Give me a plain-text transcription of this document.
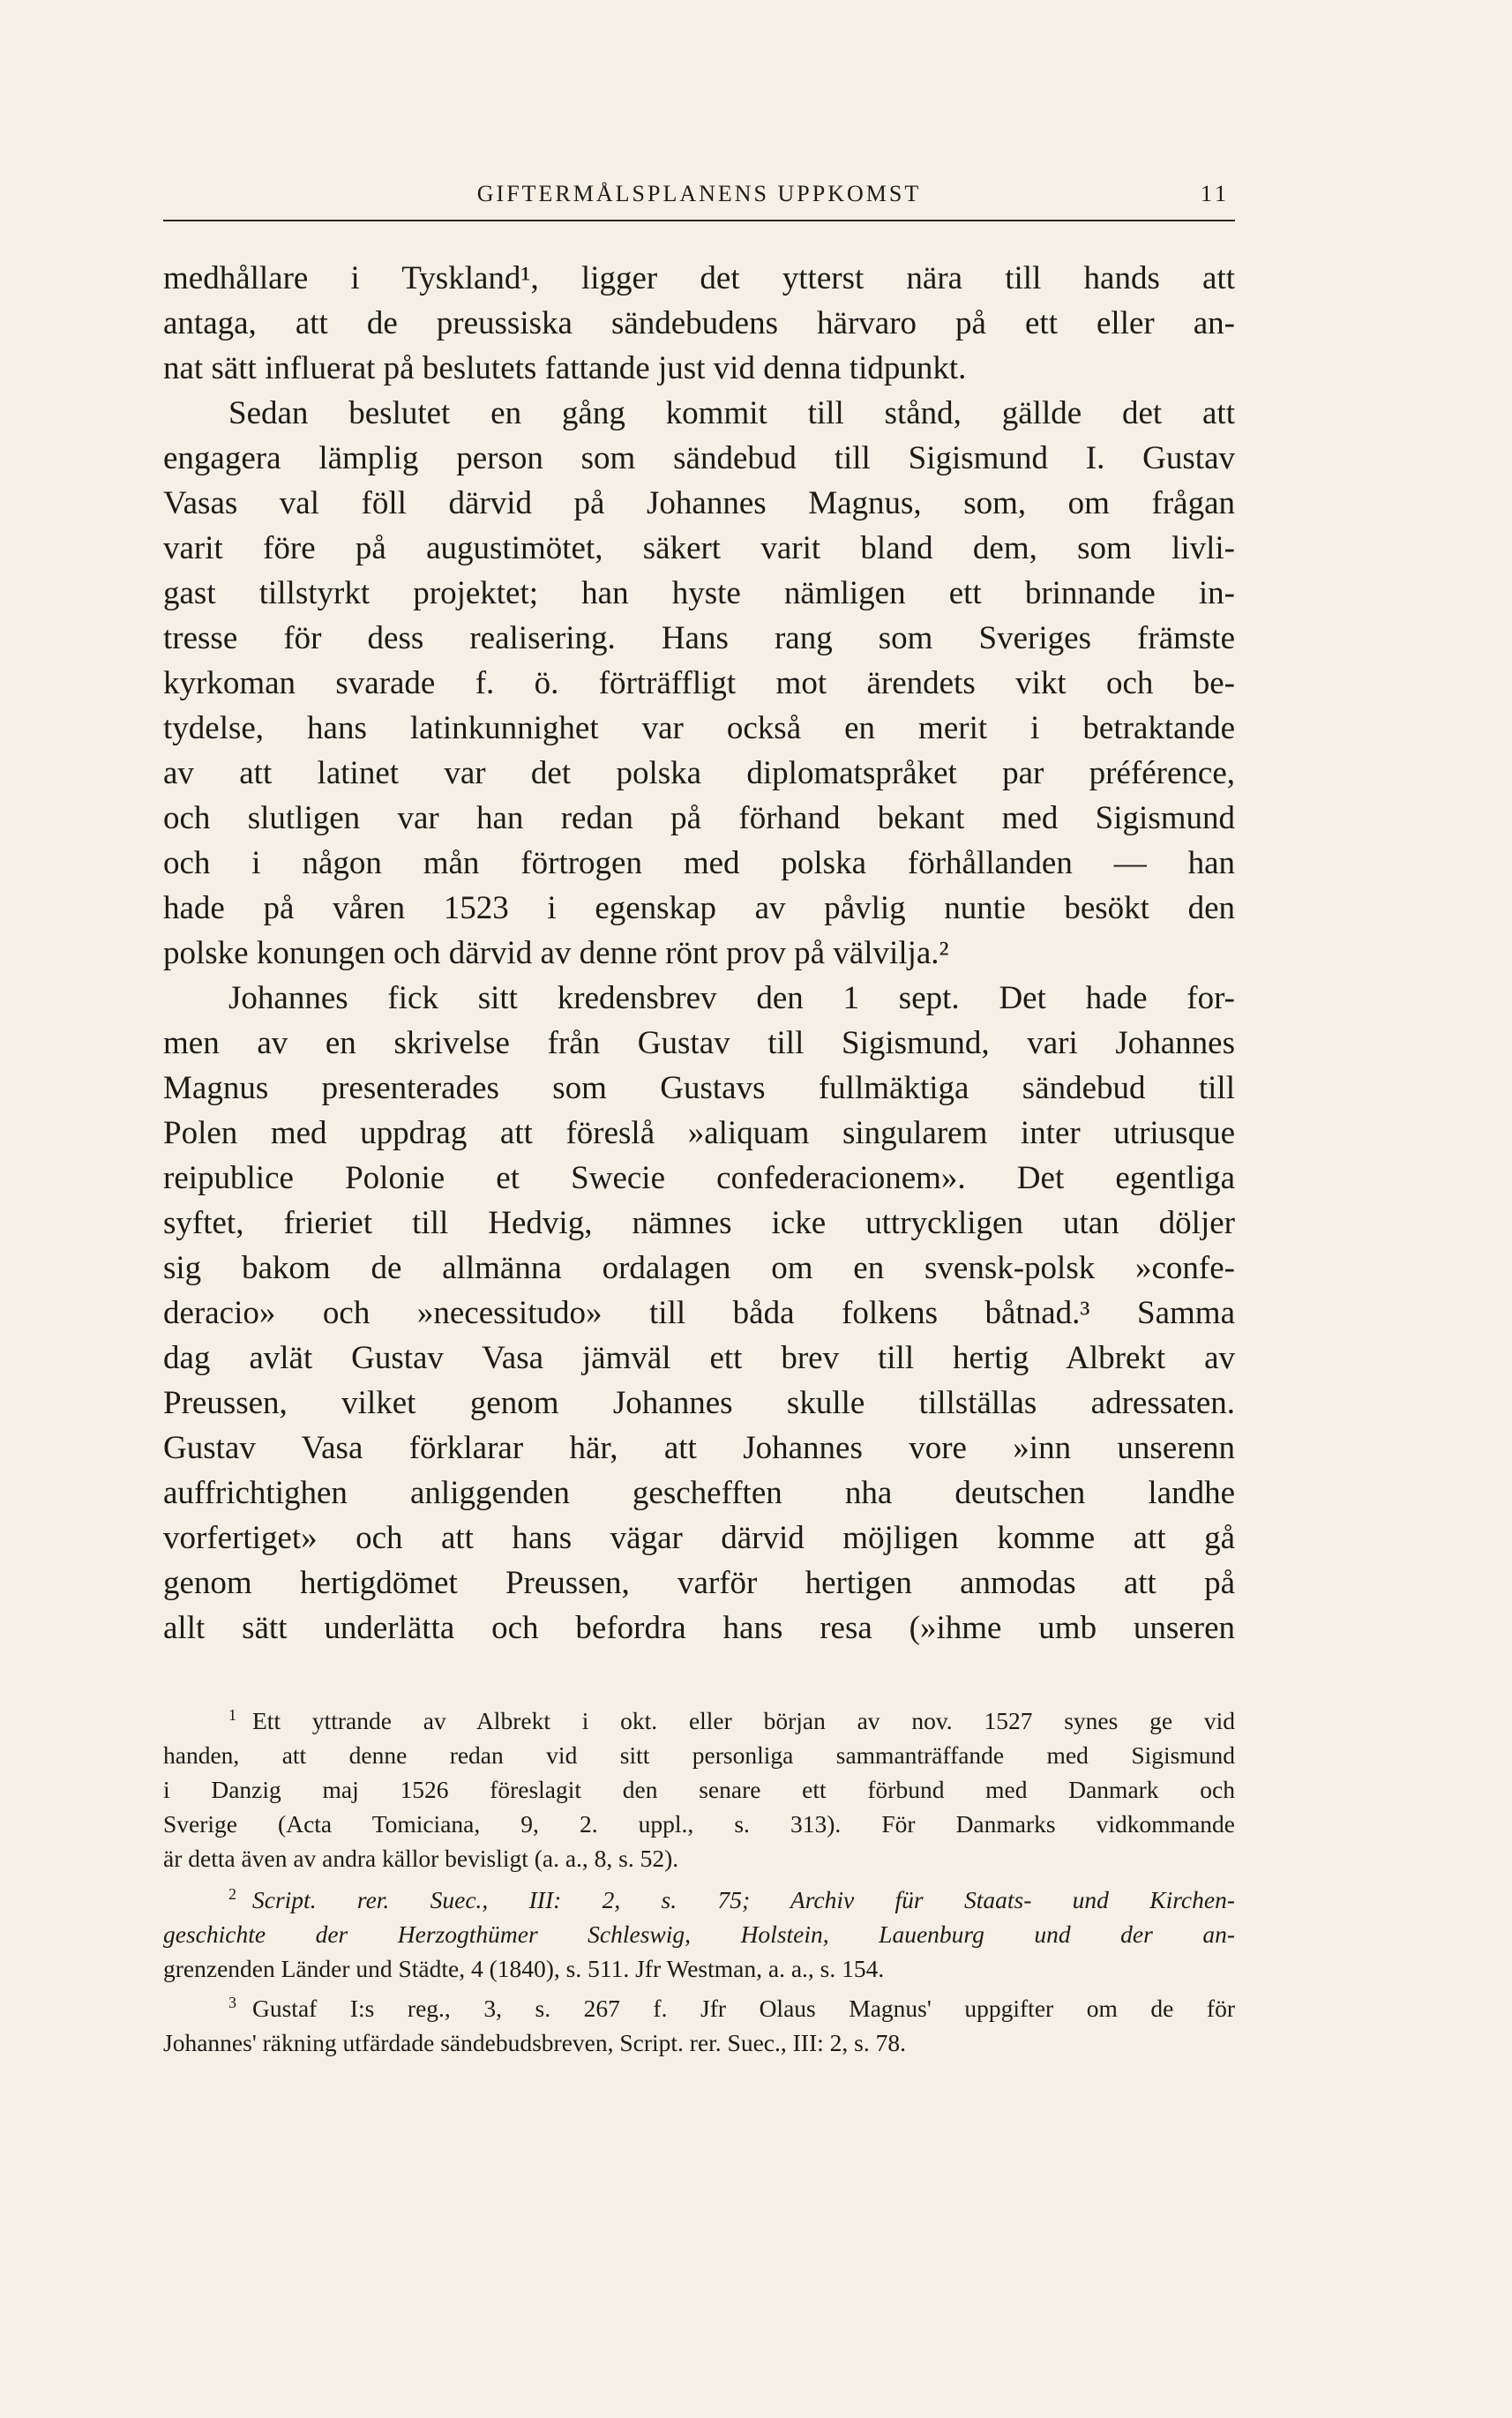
GIFTERMÅLSPLANENS UPPKOMST	11
medhållare i Tyskland¹, ligger det ytterst nära till hands att
antaga, att de preussiska sändebudens härvaro på ett eller an-
nat sätt influerat på beslutets fattande just vid denna tidpunkt.
Sedan beslutet en gång kommit till stånd, gällde det att
engagera lämplig person som sändebud till Sigismund I. Gustav
Vasas val föll därvid på Johannes Magnus, som, om frågan
varit före på augustimötet, säkert varit bland dem, som livli-
gast tillstyrkt projektet; han hyste nämligen ett brinnande in-
tresse för dess realisering. Hans rang som Sveriges främste
kyrkoman svarade f. ö. förträffligt mot ärendets vikt och be-
tydelse, hans latinkunnighet var också en merit i betraktande
av att latinet var det polska diplomatspråket par préférence,
och slutligen var han redan på förhand bekant med Sigismund
och i någon mån förtrogen med polska förhållanden — han
hade på våren 1523 i egenskap av påvlig nuntie besökt den
polske konungen och därvid av denne rönt prov på välvilja.²
Johannes fick sitt kredensbrev den 1 sept. Det hade for-
men av en skrivelse från Gustav till Sigismund, vari Johannes
Magnus presenterades som Gustavs fullmäktiga sändebud till
Polen med uppdrag att föreslå »aliquam singularem inter utriusque
reipublice Polonie et Swecie confederacionem». Det egentliga
syftet, frieriet till Hedvig, nämnes icke uttryckligen utan döljer
sig bakom de allmänna ordalagen om en svensk-polsk »confe-
deracio» och »necessitudo» till båda folkens båtnad.³ Samma
dag avlät Gustav Vasa jämväl ett brev till hertig Albrekt av
Preussen, vilket genom Johannes skulle tillställas adressaten.
Gustav Vasa förklarar här, att Johannes vore »inn unserenn
auffrichtighen anliggenden geschefften nha deutschen landhe
vorfertiget» och att hans vägar därvid möjligen komme att gå
genom hertigdömet Preussen, varför hertigen anmodas att på
allt sätt underlätta och befordra hans resa (»ihme umb unseren
$^1$ Ett yttrande av Albrekt i okt. eller början av nov. 1527 synes ge vid
handen, att denne redan vid sitt personliga sammanträffande med Sigismund
i Danzig maj 1526 föreslagit den senare ett förbund med Danmark och
Sverige (Acta Tomiciana, 9, 2. uppl., s. 313). För Danmarks vidkommande
är detta även av andra källor bevisligt (a. a., 8, s. 52).
$^2$ Script. rer. Suec., III: 2, s. 75; Archiv für Staats- und Kirchen-
geschichte der Herzogthümer Schleswig, Holstein, Lauenburg und der an-
grenzenden Länder und Städte, 4 (1840), s. 511. Jfr Westman, a. a., s. 154.
$^3$ Gustaf I:s reg., 3, s. 267 f. Jfr Olaus Magnus' uppgifter om de för
Johannes' räkning utfärdade sändebudsbreven, Script. rer. Suec., III: 2, s. 78.
